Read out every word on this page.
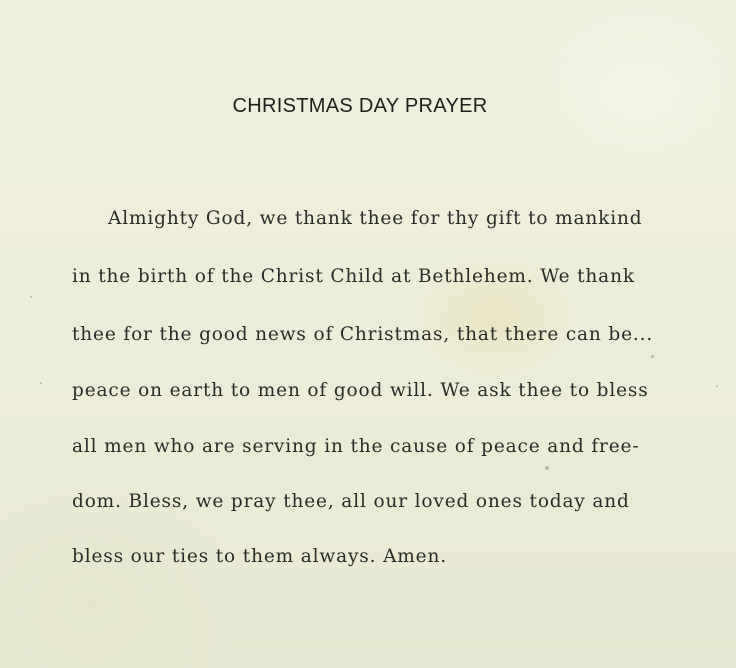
CHRISTMAS DAY PRAYER

Almighty God, we thank thee for thy gift to mankind

in the birth of the Christ Child at Bethlehem. We thank

thee for the good news of Christmas, that there can be...

peace on earth to men of good will. We ask thee to bless

all men who are serving in the cause of peace and free-

dom. Bless, we pray thee, all our loved ones today and

bless our ties to them always. Amen.
